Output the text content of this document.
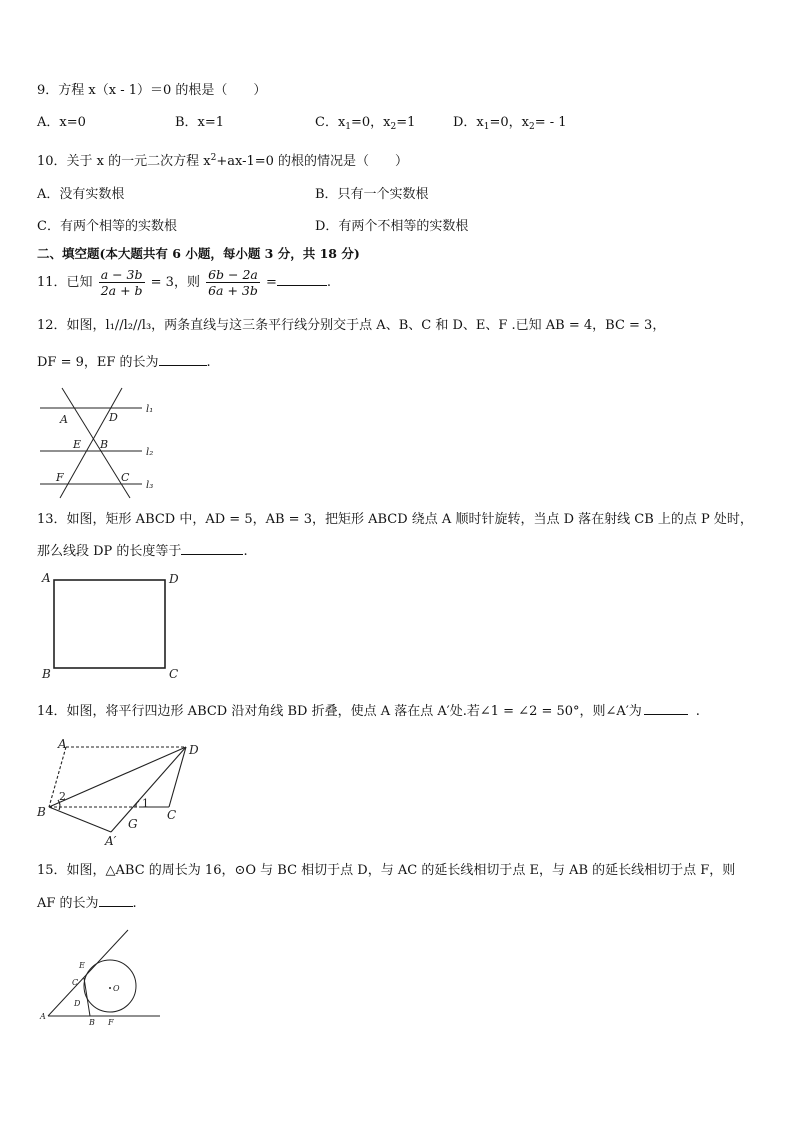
9．方程 x（x - 1）＝0 的根是（　　）
A．x=0	B．x=1	C．$x_1=0$，$x_2=1$	D．$x_1=0$，$x_2= - 1$
10．关于 x 的一元二次方程 $x^2+ax-1=0$ 的根的情况是（　　）
A．没有实数根	B．只有一个实数根
C．有两个相等的实数根	D．有两个不相等的实数根
二、填空题(本大题共有 6 小题，每小题 3 分，共 18 分)
11．已知 $\frac{a - 3b}{2a + b} = 3$，则 $\frac{6b - 2a}{6a + 3b}$ =	.
12．如图，l₁//l₂//l₃，两条直线与这三条平行线分别交于点 A、B、C 和 D、E、F .已知 AB = 4，BC = 3，
DF = 9，EF 的长为	.
A	D
E B
F	C
l₁
l₂
l₃
13．如图，矩形 ABCD 中，AD = 5，AB = 3，把矩形 ABCD 绕点 A 顺时针旋转，当点 D 落在射线 CB 上的点 P 处时，
那么线段 DP 的长度等于	.
A	D
B	C
14．如图，将平行四边形 ABCD 沿对角线 BD 折叠，使点 A 落在点 A′处.若∠1 = ∠2 = 50°，则∠A′为	.
A	D
B	C
G
A′
1
2
15．如图，△ABC 的周长为 16，⊙O 与 BC 相切于点 D，与 AC 的延长线相切于点 E，与 AB 的延长线相切于点 F，则
AF 的长为	.
A
C
E
D
B F
O
